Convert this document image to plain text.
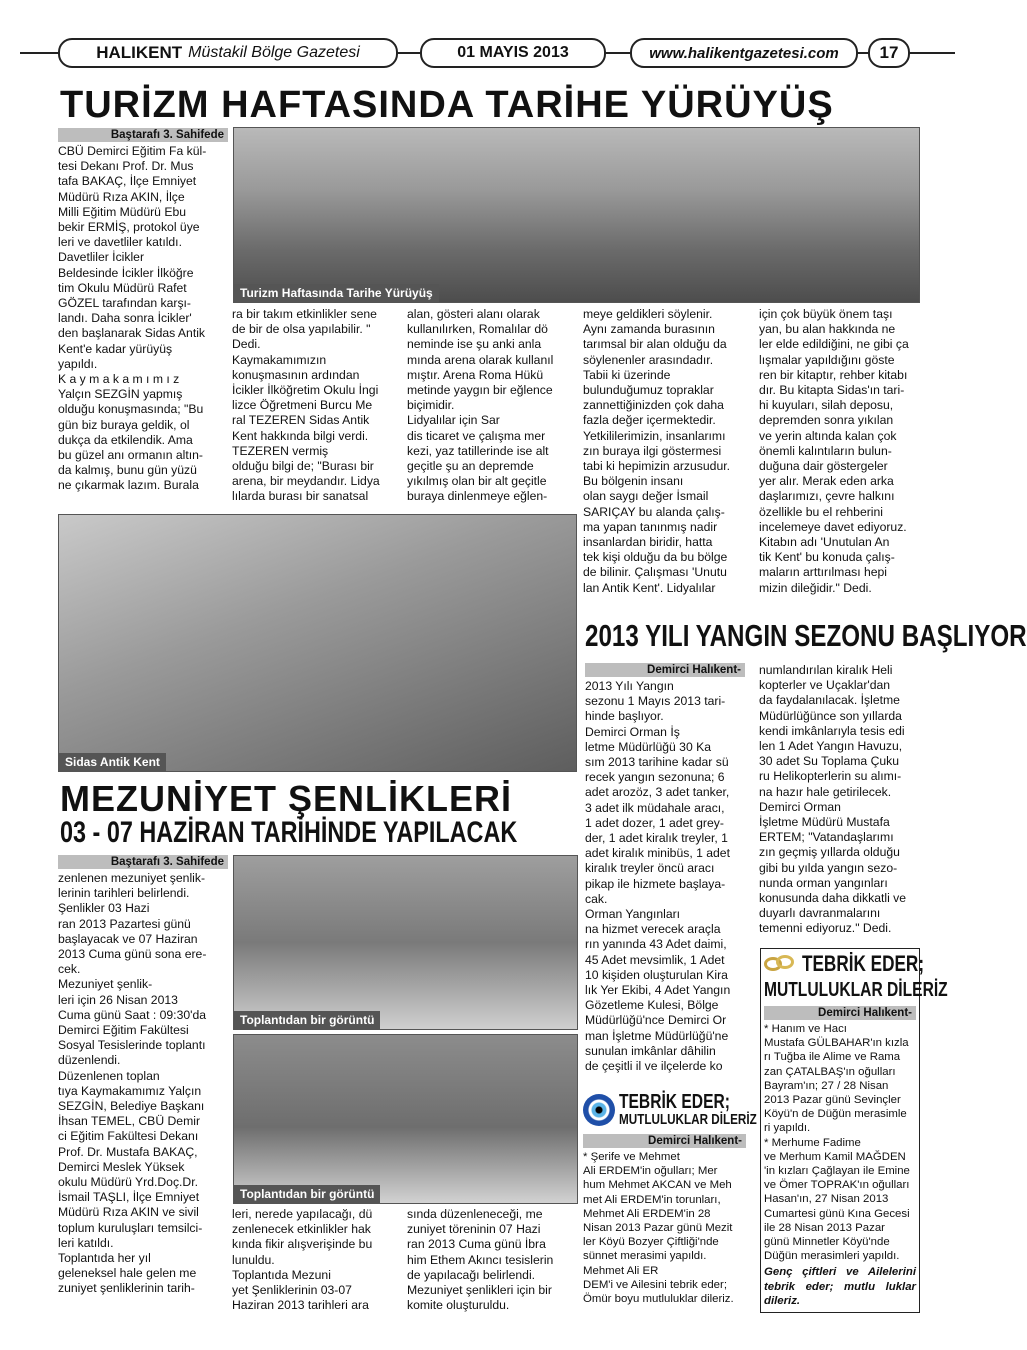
HALIKENT Müstakil Bölge Gazetesi	01 MAYIS 2013	www.halikentgazetesi.com 17
TURİZM HAFTASINDA TARİHE YÜRÜYÜŞ
Baştarafı 3. Sahifede
CBÜ Demirci Eğitim Fa kül-
tesi Dekanı Prof. Dr. Mus
tafa BAKAÇ, İlçe Emniyet
Müdürü Rıza AKIN, İlçe
Milli Eğitim Müdürü Ebu
bekir ERMİŞ, protokol üye
leri ve davetliler katıldı.
Davetliler İcikler
Beldesinde İcikler İlköğre
tim Okulu Müdürü Rafet
GÖZEL tarafından karşı-
landı. Daha sonra İcikler'
den başlanarak Sidas Antik
Kent'e kadar yürüyüş
yapıldı.
K a y m a k a m ı m ı z
Yalçın SEZGİN yapmış
olduğu konuşmasında; "Bu
gün biz buraya geldik, ol
dukça da etkilendik. Ama
bu güzel anı ormanın altın-
da kalmış, bunu gün yüzü
ne çıkarmak lazım. Burala
Turizm Haftasında Tarihe Yürüyüş
ra bir takım etkinlikler sene
de bir de olsa yapılabilir. "
Dedi.
Kaymakamımızın
konuşmasının ardından
İcikler İlköğretim Okulu İngi
lizce Öğretmeni Burcu Me
ral TEZEREN Sidas Antik
Kent hakkında bilgi verdi.
TEZEREN vermiş
olduğu bilgi de; "Burası bir
arena, bir meydandır. Lidya
lılarda burası bir sanatsal
alan, gösteri alanı olarak
kullanılırken, Romalılar dö
neminde ise şu anki anla
mında arena olarak kullanıl
mıştır. Arena Roma Hükü
metinde yaygın bir eğlence
biçimidir.
Lidyalılar için Sar
dis ticaret ve çalışma mer
kezi, yaz tatillerinde ise alt
geçitle şu an depremde
yıkılmış olan bir alt geçitle
buraya dinlenmeye eğlen-
meye geldikleri söylenir.
Aynı zamanda burasının
tarımsal bir alan olduğu da
söylenenler arasındadır.
Tabii ki üzerinde
bulunduğumuz topraklar
zannettiğinizden çok daha
fazla değer içermektedir.
Yetkililerimizin, insanlarımı
zın buraya ilgi göstermesi
tabi ki hepimizin arzusudur.
Bu bölgenin insanı
olan saygı değer İsmail
SARIÇAY bu alanda çalış-
ma yapan tanınmış nadir
insanlardan biridir, hatta
tek kişi olduğu da bu bölge
de bilinir. Çalışması 'Unutu
lan Antik Kent'. Lidyalılar
için çok büyük önem taşı
yan, bu alan hakkında ne
ler elde edildiğini, ne gibi ça
lışmalar yapıldığını göste
ren bir kitaptır, rehber kitabı
dır. Bu kitapta Sidas'ın tari-
hi kuyuları, silah deposu,
depremden sonra yıkılan
ve yerin altında kalan çok
önemli kalıntıların bulun-
duğuna dair göstergeler
yer alır. Merak eden arka
daşlarımızı, çevre halkını
özellikle bu el rehberini
incelemeye davet ediyoruz.
Kitabın adı 'Unutulan An
tik Kent' bu konuda çalış-
maların arttırılması hepi
mizin dileğidir." Dedi.
Sidas Antik Kent
2013 YILI YANGIN SEZONU BAŞLIYOR
Demirci Halıkent-
2013 Yılı Yangın
sezonu 1 Mayıs 2013 tari-
hinde başlıyor.
Demirci Orman İş
letme Müdürlüğü 30 Ka
sım 2013 tarihine kadar sü
recek yangın sezonuna; 6
adet arozöz, 3 adet tanker,
3 adet ilk müdahale aracı,
1 adet dozer, 1 adet grey-
der, 1 adet kiralık treyler, 1
adet kiralık minibüs, 1 adet
kiralık treyler öncü aracı
pikap ile hizmete başlaya-
cak.
Orman Yangınları
na hizmet verecek araçla
rın yanında 43 Adet daimi,
45 Adet mevsimlik, 1 Adet
10 kişiden oluşturulan Kira
lık Yer Ekibi, 4 Adet Yangın
Gözetleme Kulesi, Bölge
Müdürlüğü'nce Demirci Or
man İşletme Müdürlüğü'ne
sunulan imkânlar dâhilin
de çeşitli il ve ilçelerde ko
numlandırılan kiralık Heli
kopterler ve Uçaklar'dan
da faydalanılacak. İşletme
Müdürlüğünce son yıllarda
kendi imkânlarıyla tesis edi
len 1 Adet Yangın Havuzu,
30 adet Su Toplama Çuku
ru Helikopterlerin su alımı-
na hazır hale getirilecek.
Demirci Orman
İşletme Müdürü Mustafa
ERTEM; "Vatandaşlarımı
zın geçmiş yıllarda olduğu
gibi bu yılda yangın sezo-
nunda orman yangınları
konusunda daha dikkatli ve
duyarlı davranmalarını
temenni ediyoruz." Dedi.
MEZUNİYET ŞENLİKLERİ
03 - 07 HAZİRAN TARİHİNDE YAPILACAK
Baştarafı 3. Sahifede
zenlenen mezuniyet şenlik-
lerinin tarihleri belirlendi.
Şenlikler 03 Hazi
ran 2013 Pazartesi günü
başlayacak ve 07 Haziran
2013 Cuma günü sona ere-
cek.
Mezuniyet şenlik-
leri için 26 Nisan 2013
Cuma günü Saat : 09:30'da
Demirci Eğitim Fakültesi
Sosyal Tesislerinde toplantı
düzenlendi.
Düzenlenen toplan
tıya Kaymakamımız Yalçın
SEZGİN, Belediye Başkanı
İhsan TEMEL, CBÜ Demir
ci Eğitim Fakültesi Dekanı
Prof. Dr. Mustafa BAKAÇ,
Demirci Meslek Yüksek
okulu Müdürü Yrd.Doç.Dr.
İsmail TAŞLI, İlçe Emniyet
Müdürü Rıza AKIN ve sivil
toplum kuruluşları temsilci-
leri katıldı.
Toplantıda her yıl
geleneksel hale gelen me
zuniyet şenliklerinin tarih-
Toplantıdan bir görüntü
Toplantıdan bir görüntü
leri, nerede yapılacağı, dü
zenlenecek etkinlikler hak
kında fikir alışverişinde bu
lunuldu.
Toplantıda Mezuni
yet Şenliklerinin 03-07
Haziran 2013 tarihleri ara
sında düzenleneceği, me
zuniyet töreninin 07 Hazi
ran 2013 Cuma günü İbra
him Ethem Akıncı tesislerin
de yapılacağı belirlendi.
Mezuniyet şenlikleri için bir
komite oluşturuldu.
TEBRİK EDER;
MUTLULUKLAR DİLERİZ
Demirci Halıkent-
* Şerife ve Mehmet
Ali ERDEM'in oğulları; Mer
hum Mehmet AKCAN ve Meh
met Ali ERDEM'in torunları,
Mehmet Ali ERDEM'in 28
Nisan 2013 Pazar günü Mezit
ler Köyü Bozyer Çiftliği'nde
sünnet merasimi yapıldı.
Mehmet Ali ER
DEM'i ve Ailesini tebrik eder;
Ömür boyu mutluluklar dileriz.
TEBRİK EDER;
MUTLULUKLAR DİLERİZ
Demirci Halıkent-
* Hanım ve Hacı
Mustafa GÜLBAHAR'ın kızla
rı Tuğba ile Alime ve Rama
zan ÇATALBAŞ'ın oğulları
Bayram'ın; 27 / 28 Nisan
2013 Pazar günü Sevinçler
Köyü'n de Düğün merasimle
ri yapıldı.
* Merhume Fadime
ve Merhum Kamil MAĞDEN
'in kızları Çağlayan ile Emine
ve Ömer TOPRAK'ın oğulları
Hasan'ın, 27 Nisan 2013
Cumartesi günü Kına Gecesi
ile 28 Nisan 2013 Pazar
günü Minnetler Köyü'nde
Düğün merasimleri yapıldı.
Genç çiftleri ve Ailelerini tebrik eder; mutlu luklar dileriz.
